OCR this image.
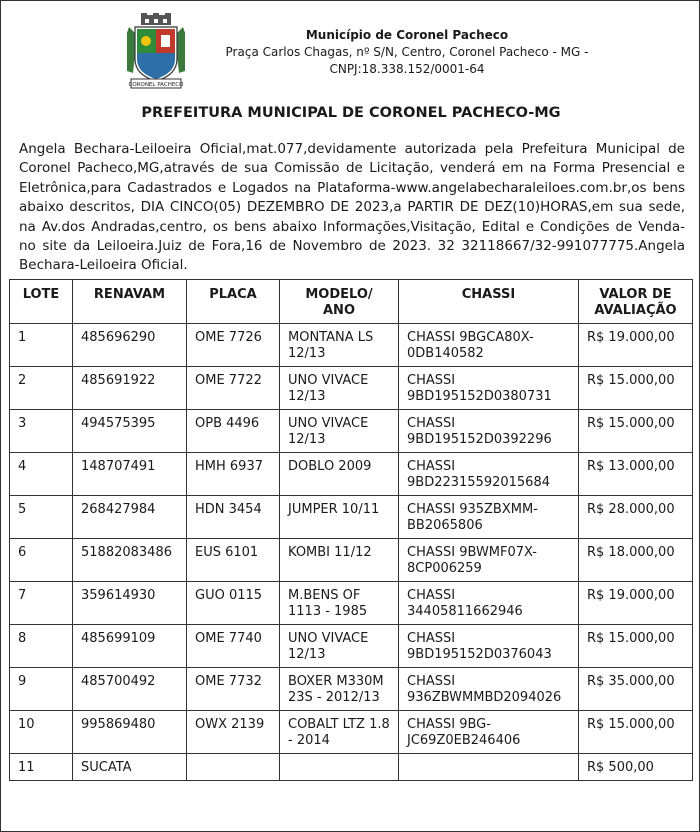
CORONEL PACHECO
Município de Coronel Pacheco
Praça Carlos Chagas, nº S/N, Centro, Coronel Pacheco - MG -
CNPJ:18.338.152/0001-64
PREFEITURA MUNICIPAL DE CORONEL PACHECO-MG
Angela Bechara-Leiloeira Oficial,mat.077,devidamente autorizada pela Prefeitura Municipal de Coronel Pacheco,MG,através de sua Comissão de Licitação, venderá em na Forma Presencial e Eletrônica,para Cadastrados e Logados na Plataforma-www.angelabecharaleiloes.com.br,os bens abaixo descritos, DIA CINCO(05) DEZEMBRO DE 2023,a PARTIR DE DEZ(10)HORAS,em sua sede, na Av.dos Andradas,centro, os bens abaixo Informações,Visitação, Edital e Condições de Venda- no site da Leiloeira.Juiz de Fora,16 de Novembro de 2023. 32 32118667/32-991077775.Angela Bechara-Leiloeira Oficial.
LOTE	RENAVAM	PLACA	MODELO/ ANO	CHASSI	VALOR DE AVALIAÇÃO
1	485696290	OME 7726	MONTANA LS 12/13	CHASSI 9BGCA80X- 0DB140582	R$ 19.000,00
2	485691922	OME 7722	UNO VIVACE 12/13	CHASSI 9BD195152D0380731	R$ 15.000,00
3	494575395	OPB 4496	UNO VIVACE 12/13	CHASSI 9BD195152D0392296	R$ 15.000,00
4	148707491	HMH 6937	DOBLO 2009	CHASSI 9BD22315592015684	R$ 13.000,00
5	268427984	HDN 3454	JUMPER 10/11	CHASSI 935ZBXMM- BB2065806	R$ 28.000,00
6	51882083486	EUS 6101	KOMBI 11/12	CHASSI 9BWMF07X- 8CP006259	R$ 18.000,00
7	359614930	GUO 0115	M.BENS OF 1113 - 1985	CHASSI 34405811662946	R$ 19.000,00
8	485699109	OME 7740	UNO VIVACE 12/13	CHASSI 9BD195152D0376043	R$ 15.000,00
9	485700492	OME 7732	BOXER M330M 23S - 2012/13	CHASSI 936ZBWMMBD2094026	R$ 35.000,00
10	995869480	OWX 2139	COBALT LTZ 1.8 - 2014	CHASSI 9BG- JC69Z0EB246406	R$ 15.000,00
11	SUCATA				R$ 500,00
